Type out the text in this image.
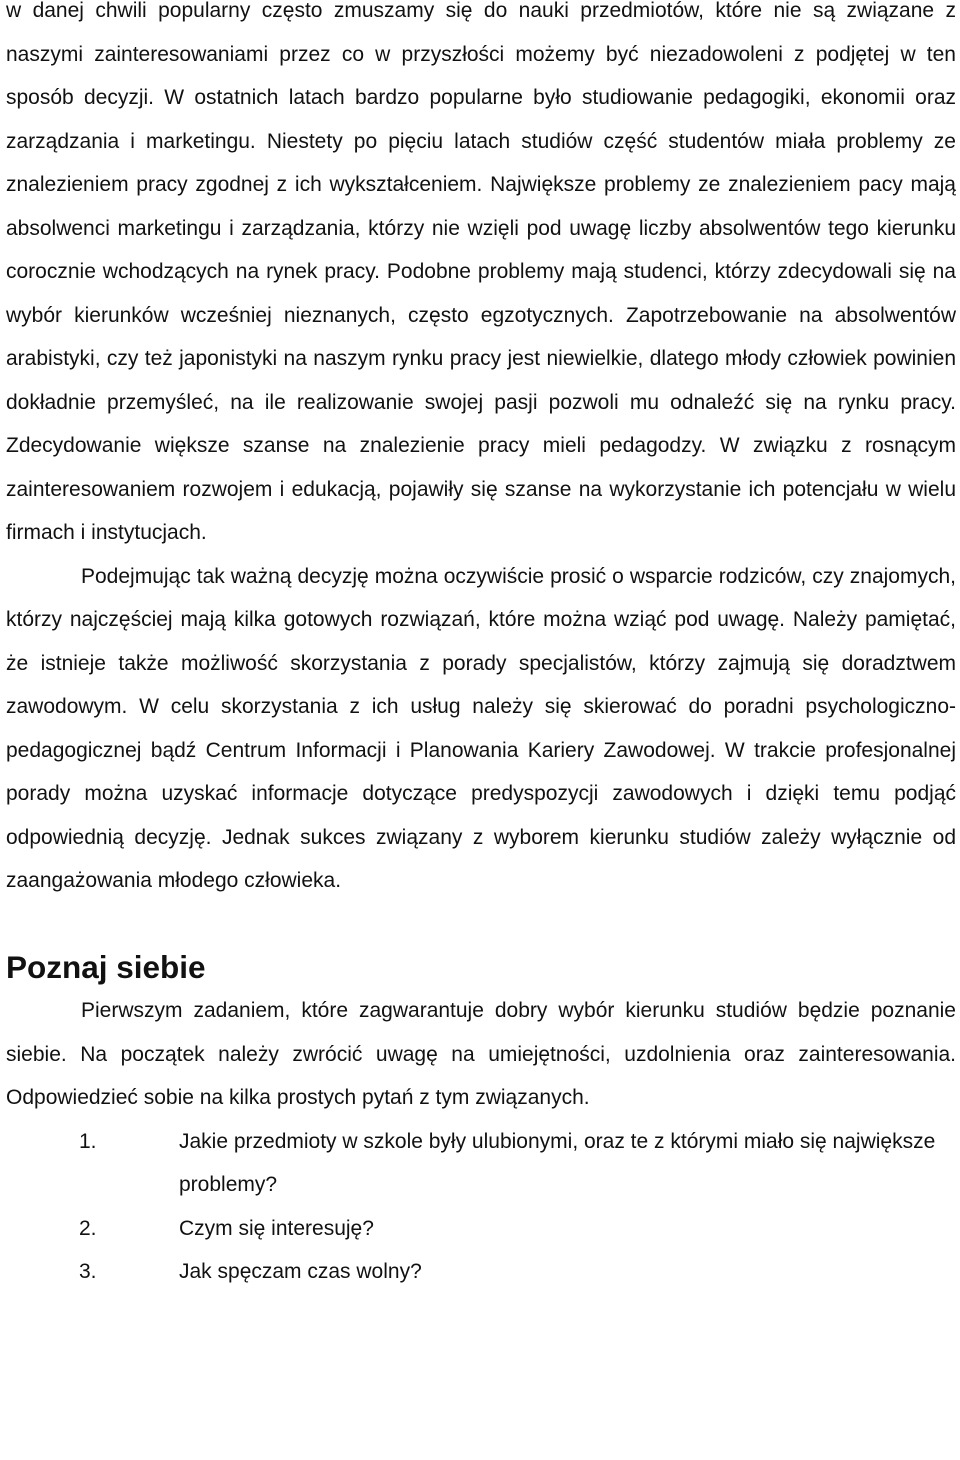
w danej chwili popularny często zmuszamy się do nauki przedmiotów, które nie są związane z naszymi zainteresowaniami przez co w przyszłości możemy być niezadowoleni z podjętej w ten sposób decyzji. W ostatnich latach bardzo popularne było studiowanie pedagogiki, ekonomii oraz zarządzania i marketingu. Niestety po pięciu latach studiów część studentów miała problemy ze znalezieniem pracy zgodnej z ich wykształceniem. Największe problemy ze znalezieniem pacy mają absolwenci marketingu i zarządzania, którzy nie wzięli pod uwagę liczby absolwentów tego kierunku corocznie wchodzących na rynek pracy. Podobne problemy mają studenci, którzy zdecydowali się na wybór kierunków wcześniej nieznanych, często egzotycznych. Zapotrzebowanie na absolwentów arabistyki, czy też japonistyki na naszym rynku pracy jest niewielkie, dlatego młody człowiek powinien dokładnie przemyśleć, na ile realizowanie swojej pasji pozwoli mu odnaleźć się na rynku pracy. Zdecydowanie większe szanse na znalezienie pracy mieli pedagodzy. W związku z rosnącym zainteresowaniem rozwojem i edukacją, pojawiły się szanse na wykorzystanie ich potencjału w wielu firmach i instytucjach.

Podejmując tak ważną decyzję można oczywiście prosić o wsparcie rodziców, czy znajomych, którzy najczęściej mają kilka gotowych rozwiązań, które można wziąć pod uwagę. Należy pamiętać, że istnieje także możliwość skorzystania z porady specjalistów, którzy zajmują się doradztwem zawodowym. W celu skorzystania z ich usług należy się skierować do poradni psychologiczno-pedagogicznej bądź Centrum Informacji i Planowania Kariery Zawodowej. W trakcie profesjonalnej porady można uzyskać informacje dotyczące predyspozycji zawodowych i dzięki temu podjąć odpowiednią decyzję. Jednak sukces związany z wyborem kierunku studiów zależy wyłącznie od zaangażowania młodego człowieka.

Poznaj siebie

Pierwszym zadaniem, które zagwarantuje dobry wybór kierunku studiów będzie poznanie siebie. Na początek należy zwrócić uwagę na umiejętności, uzdolnienia oraz zainteresowania. Odpowiedzieć sobie na kilka prostych pytań z tym związanych.

1.	Jakie przedmioty w szkole były ulubionymi, oraz te z którymi miało się największe problemy?
2.	Czym się interesuję?
3.	Jak spęczam czas wolny?
